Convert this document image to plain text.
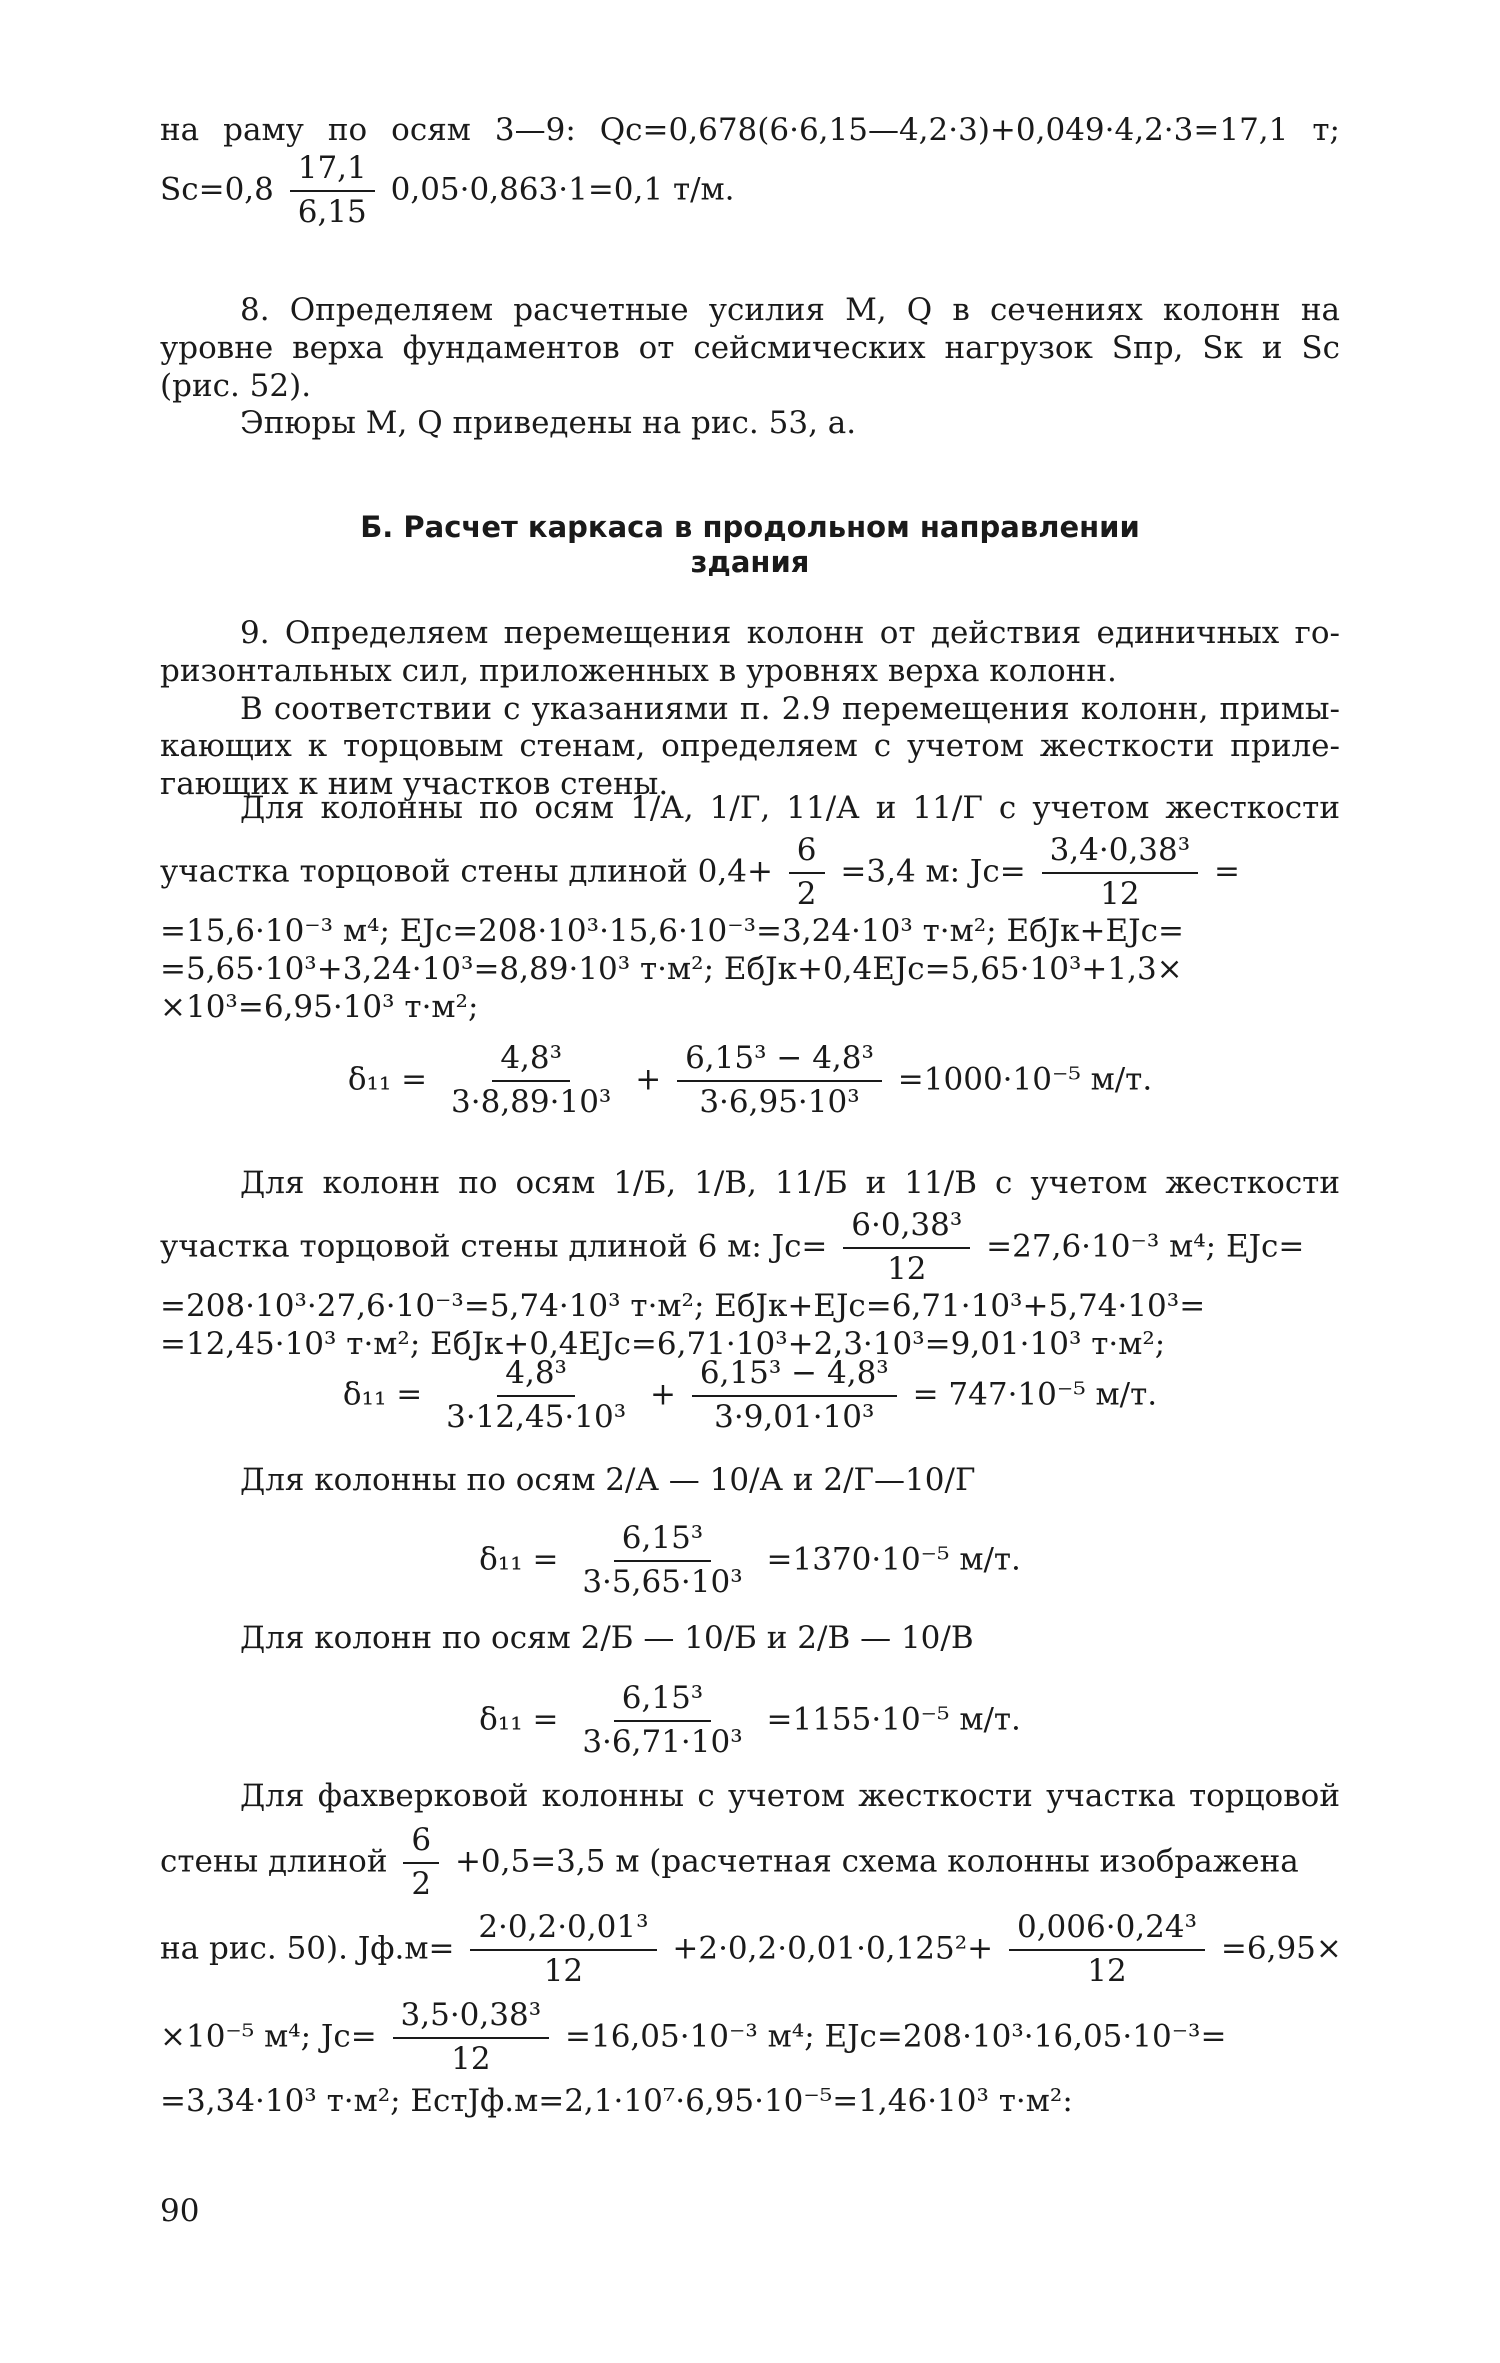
на раму по осям 3—9: Qс=0,678(6·6,15—4,2·3)+0,049·4,2·3=17,1 т;
$Sс=0,8 \frac{17,1}{6,15} 0,05\cdot 0,863\cdot 1=0,1$ т/м.
8. Определяем расчетные усилия M, Q в сечениях колонн на
уровне верха фундаментов от сейсмических нагрузок Sпр, Sк и Sс
(рис. 52).
Эпюры M, Q приведены на рис. 53, а.
Б. Расчет каркаса в продольном направлении
здания
9. Определяем перемещения колонн от действия единичных го-
ризонтальных сил, приложенных в уровнях верха колонн.
В соответствии с указаниями п. 2.9 перемещения колонн, примы-
кающих к торцовым стенам, определяем с учетом жесткости приле-
гающих к ним участков стены.
Для колонны по осям 1/А, 1/Г, 11/А и 11/Г с учетом жесткости
участка торцовой стены длиной $0,4+ \frac{6}{2} =3,4$ м: $Jс= \frac{\text{3,4·0,38³}}{12}$ =
=15,6·10⁻³ м⁴; EJс=208·10³·15,6·10⁻³=3,24·10³ т·м²; EбJк+EJс=
=5,65·10³+3,24·10³=8,89·10³ т·м²; EбJк+0,4EJс=5,65·10³+1,3×
×10³=6,95·10³ т·м²;
$\delta_{11} = \frac{\text{4,8³}}{\text{3·8,89·10³}} + \frac{\text{6,15³ − 4,8³}}{\text{3·6,95·10³}} =1000\cdot 10^{-5}$ м/т.
Для колонн по осям 1/Б, 1/В, 11/Б и 11/В с учетом жесткости
участка торцовой стены длиной 6 м: $Jс= \frac{\text{6·0,38³}}{12} =27,6\cdot 10^{-3}$ м⁴; EJс=
=208·10³·27,6·10⁻³=5,74·10³ т·м²; EбJк+EJс=6,71·10³+5,74·10³=
=12,45·10³ т·м²; EбJк+0,4EJс=6,71·10³+2,3·10³=9,01·10³ т·м²;
$\delta_{11} = \frac{\text{4,8³}}{\text{3·12,45·10³}} + \frac{\text{6,15³ − 4,8³}}{\text{3·9,01·10³}} = 747\cdot 10^{-5}$ м/т.
Для колонны по осям 2/А — 10/А и 2/Г—10/Г
$\delta_{11} = \frac{\text{6,15³}}{\text{3·5,65·10³}} =1370\cdot 10^{-5}$ м/т.
Для колонн по осям 2/Б — 10/Б и 2/В — 10/В
$\delta_{11} = \frac{\text{6,15³}}{\text{3·6,71·10³}} =1155\cdot 10^{-5}$ м/т.
Для фахверковой колонны с учетом жесткости участка торцовой
стены длиной $\frac{6}{2} +0,5=3,5$ м (расчетная схема колонны изображена
на рис. 50). $Jф.м= \frac{\text{2·0,2·0,01³}}{12} +2\cdot 0,2\cdot 0,01\cdot 0,125^2+ \frac{\text{0,006·0,24³}}{12} =6,95\times$
×10⁻⁵ м⁴; $Jс= \frac{\text{3,5·0,38³}}{12} =16,05\cdot 10^{-3}$ м⁴; EJс=208·10³·16,05·10⁻³=
=3,34·10³ т·м²; EстJф.м=2,1·10⁷·6,95·10⁻⁵=1,46·10³ т·м²:
90
